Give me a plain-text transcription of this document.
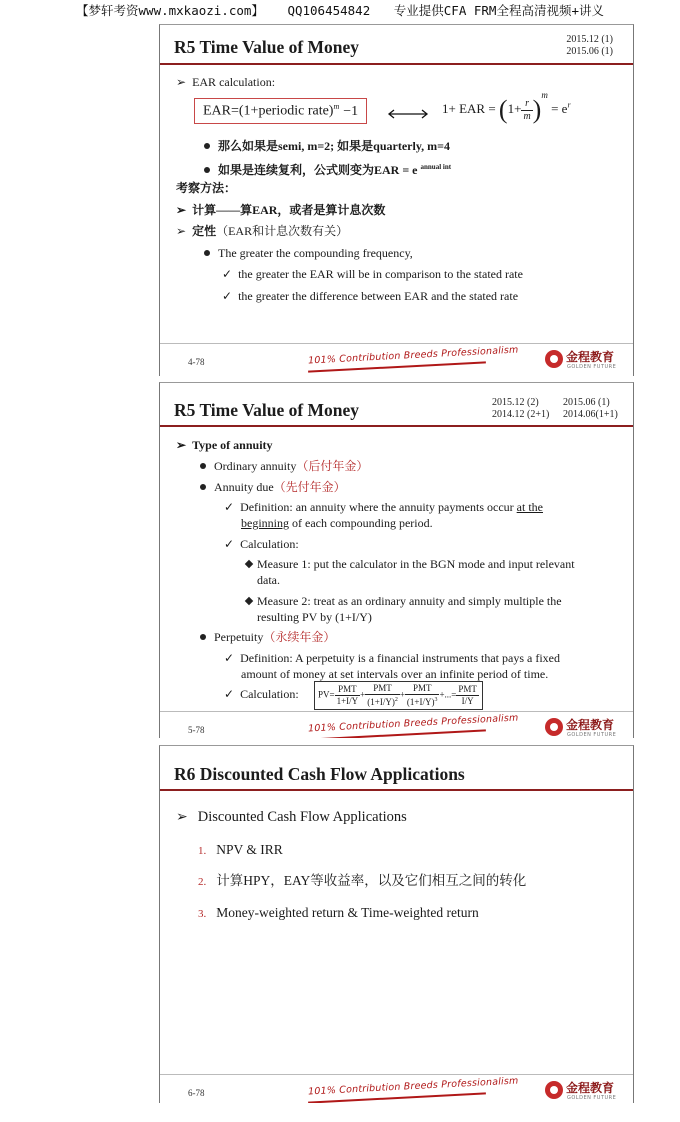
【梦轩考资www.mxkaozi.com】 QQ106454842 专业提供CFA FRM全程高清视频+讲义
R5 Time Value of Money	2015.12 (1)
2015.06 (1)
➢ EAR calculation:
EAR=(1+periodic rate)$^m$ −1	1+ EAR = $(1+ \frac{r}{m} )^m = e^r$
那么如果是semi, m=2; 如果是quarterly, m=4
如果是连续复利，公式则变为EAR = e $^{annual int}$
考察方法：
➢ 计算——算EAR，或者是算计息次数
➢ 定性（EAR和计息次数有关）
The greater the compounding frequency,
✓ the greater the EAR will be in comparison to the stated rate
✓ the greater the difference between EAR and the stated rate
4-78	101% Contribution Breeds Professionalism	金程教育
GOLDEN FUTURE
R5 Time Value of Money	2015.12 (2)
2014.12 (2+1)
2015.06 (1)
2014.06(1+1)
➢ Type of annuity
Ordinary annuity（后付年金）
Annuity due（先付年金）
✓ Definition: an annuity where the annuity payments occur at the
beginning of each compounding period.
✓ Calculation:
Measure 1: put the calculator in the BGN mode and input relevant
data.
Measure 2: treat as an ordinary annuity and simply multiple the
resulting PV by (1+I/Y)
Perpetuity（永续年金）
✓ Definition: A perpetuity is a financial instruments that pays a fixed
amount of money at set intervals over an infinite period of time.
✓ Calculation:	$PV= \frac{\text{PMT}}{1+I/Y} + \frac{\text{PMT}}{(1+I/Y)^2} + \frac{\text{PMT}}{(1+I/Y)^3}$ +...= $\frac{\text{PMT}}{I/Y}$
5-78	101% Contribution Breeds Professionalism	金程教育
GOLDEN FUTURE
R6 Discounted Cash Flow Applications
➢ Discounted Cash Flow Applications
1. NPV & IRR
2. 计算HPY，EAY等收益率，以及它们相互之间的转化
3. Money-weighted return & Time-weighted return
6-78	101% Contribution Breeds Professionalism	金程教育
GOLDEN FUTURE
